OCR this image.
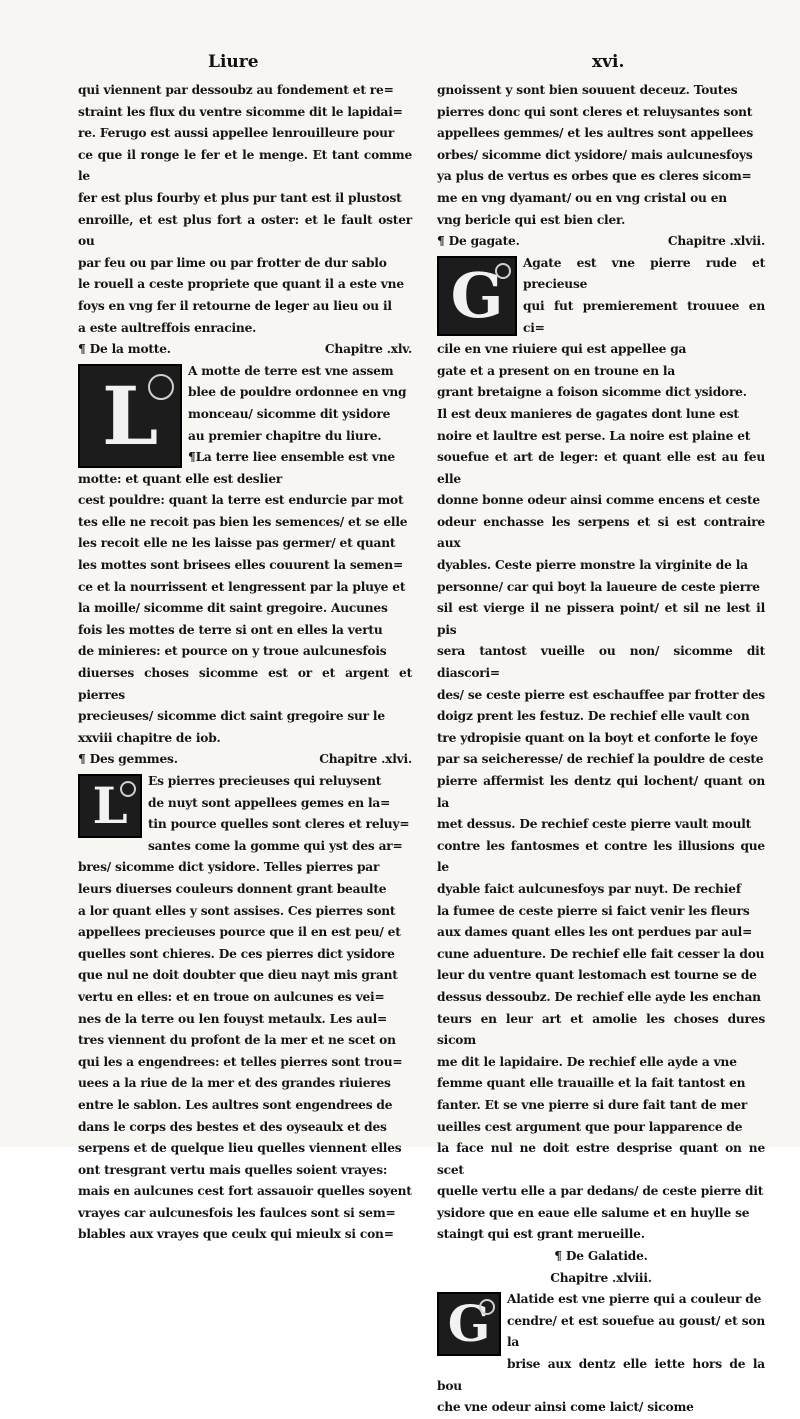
Liure	xvi.

qui viennent par dessoubz au fondement et re=
straint les flux du ventre sicomme dit le lapidai=
re. Ferugo est aussi appellee lenrouilleure pour
ce que il ronge le fer et le menge. Et tant comme le
fer est plus fourby et plus pur tant est il plustost
enroille, et est plus fort a oster: et le fault oster ou
par feu ou par lime ou par frotter de dur sablo
le rouell a ceste propriete que quant il a este vne
foys en vng fer il retourne de leger au lieu ou il
a este aultreffois enracine.

¶ De la motte.	Chapitre .xlv.
L	A motte de terre est vne assem
blee de pouldre ordonnee en vng
monceau/ sicomme dit ysidore
au premier chapitre du liure.
¶La terre liee ensemble est vne
motte: et quant elle est deslier
cest pouldre: quant la terre est endurcie par mot
tes elle ne recoit pas bien les semences/ et se elle
les recoit elle ne les laisse pas germer/ et quant
les mottes sont brisees elles couurent la semen=
ce et la nourrissent et lengressent par la pluye et
la moille/ sicomme dit saint gregoire. Aucunes
fois les mottes de terre si ont en elles la vertu
de minieres: et pource on y troue aulcunesfois
diuerses choses sicomme est or et argent et pierres
precieuses/ sicomme dict saint gregoire sur le
xxviii chapitre de iob.

¶ Des gemmes.	Chapitre .xlvi.
L	Es pierres precieuses qui reluysent
de nuyt sont appellees gemes en la=
tin pource quelles sont cleres et reluy=
santes come la gomme qui yst des ar=
bres/ sicomme dict ysidore. Telles pierres par
leurs diuerses couleurs donnent grant beaulte
a lor quant elles y sont assises. Ces pierres sont
appellees precieuses pource que il en est peu/ et
quelles sont chieres. De ces pierres dict ysidore
que nul ne doit doubter que dieu nayt mis grant
vertu en elles: et en troue on aulcunes es vei=
nes de la terre ou len fouyst metaulx. Les aul=
tres viennent du profont de la mer et ne scet on
qui les a engendrees: et telles pierres sont trou=
uees a la riue de la mer et des grandes riuieres
entre le sablon. Les aultres sont engendrees de
dans le corps des bestes et des oyseaulx et des
serpens et de quelque lieu quelles viennent elles
ont tresgrant vertu mais quelles soient vrayes:
mais en aulcunes cest fort assauoir quelles soyent
vrayes car aulcunesfois les faulces sont si sem=
blables aux vrayes que ceulx qui mieulx si con=

gnoissent y sont bien souuent deceuz. Toutes
pierres donc qui sont cleres et reluysantes sont
appellees gemmes/ et les aultres sont appellees
orbes/ sicomme dict ysidore/ mais aulcunesfoys
ya plus de vertus es orbes que es cleres sicom=
me en vng dyamant/ ou en vng cristal ou en
vng bericle qui est bien cler.

¶ De gagate.	Chapitre .xlvii.
G	Agate est vne pierre rude et precieuse
qui fut premierement trouuee en ci=
cile en vne riuiere qui est appellee ga
gate et a present on en troune en la
grant bretaigne a foison sicomme dict ysidore.
Il est deux manieres de gagates dont lune est
noire et laultre est perse. La noire est plaine et
souefue et art de leger: et quant elle est au feu elle
donne bonne odeur ainsi comme encens et ceste
odeur enchasse les serpens et si est contraire aux
dyables. Ceste pierre monstre la virginite de la
personne/ car qui boyt la laueure de ceste pierre
sil est vierge il ne pissera point/ et sil ne lest il pis
sera tantost vueille ou non/ sicomme dit diascori=
des/ se ceste pierre est eschauffee par frotter des
doigz prent les festuz. De rechief elle vault con
tre ydropisie quant on la boyt et conforte le foye
par sa seicheresse/ de rechief la pouldre de ceste
pierre affermist les dentz qui lochent/ quant on la
met dessus. De rechief ceste pierre vault moult
contre les fantosmes et contre les illusions que le
dyable faict aulcunesfoys par nuyt. De rechief
la fumee de ceste pierre si faict venir les fleurs
aux dames quant elles les ont perdues par aul=
cune aduenture. De rechief elle fait cesser la dou
leur du ventre quant lestomach est tourne se de
dessus dessoubz. De rechief elle ayde les enchan
teurs en leur art et amolie les choses dures sicom
me dit le lapidaire. De rechief elle ayde a vne
femme quant elle trauaille et la fait tantost en
fanter. Et se vne pierre si dure fait tant de mer
ueilles cest argument que pour lapparence de
la face nul ne doit estre desprise quant on ne scet
quelle vertu elle a par dedans/ de ceste pierre dit
ysidore que en eaue elle salume et en huylle se
staingt qui est grant merueille.

¶ De Galatide.
Chapitre .xlviii.
G	Alatide est vne pierre qui a couleur de
cendre/ et est souefue au goust/ et son la
brise aux dentz elle iette hors de la bou
che vne odeur ainsi come laict/ sicome
